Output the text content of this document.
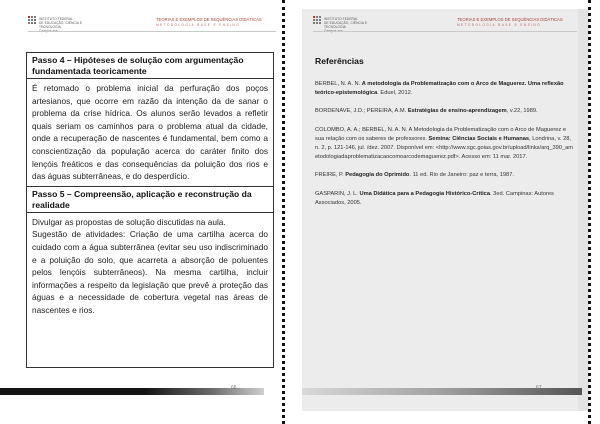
INSTITUTO FEDERAL
DE EDUCAÇÃO, CIÊNCIA E TECNOLOGIA
Campus xxx
TEORIAS E EXEMPLOS DE SEQUÊNCIAS DIDÁTICAS
METODOLOGIA BASE E ENSINO
INSTITUTO FEDERAL
DE EDUCAÇÃO, CIÊNCIA E TECNOLOGIA
Campus xxx
TEORIAS E EXEMPLOS DE SEQUÊNCIAS DIDÁTICAS
METODOLOGIA BASE E ENSINO
Passo 4 – Hipóteses de solução com argumentação fundamentada teoricamente

É retomado o problema inicial da perfuração dos poços artesianos, que ocorre em razão da intenção da de sanar o problema da crise hídrica. Os alunos serão levados a refletir quais seriam os caminhos para o problema atual da cidade, onde a recuperação de nascentes é fundamental, bem como a conscientização da população acerca do caráter finito dos lençóis freáticos e das consequências da poluição dos rios e das águas subterrâneas, e do desperdício.

Passo 5 – Compreensão, aplicação e reconstrução da realidade

Divulgar as propostas de solução discutidas na aula.

Sugestão de atividades: Criação de uma cartilha acerca do cuidado com a água subterrânea (evitar seu uso indiscriminado e a poluição do solo, que acarreta a absorção de poluentes pelos lençóis subterrâneos). Na mesma cartilha, incluir informações a respeito da legislação que prevê a proteção das águas e a necessidade de cobertura vegetal nas áreas de nascentes e rios.

66	67
Referências

BERBEL, N. A. N. A metodologia da Problematização com o Arco de Maguerez. Uma reflexão teórico-epistemológica. Eduel, 2012.

BORDENAVE, J.D.; PEREIRA, A.M. Estratégias de ensino-aprendizagem, v.22, 1989.

COLOMBO, A. A.; BERBEL, N. A. N. A Metodologia da Problematização com o Arco de Maguerez e sua relação com os saberes de professores. Semina: Ciências Sociais e Humanas, Londrina, v. 28, n. 2, p. 121-146, jul. /dez. 2007. Disponível em: <http://www.sgc.goias.gov.br/upload/links/arq_390_ametodologiadaproblematizacaocomoarcodemaguerez.pdf>. Acesso em: 11 mar. 2017.

FREIRE, P. Pedagogia do Oprimido. 11 ed. Rio de Janeiro: paz e terra, 1987.

GASPARIN, J. L. Uma Didática para a Pedagogia Histórico-Crítica. 3ed. Campinas: Autores Associados, 2005.
